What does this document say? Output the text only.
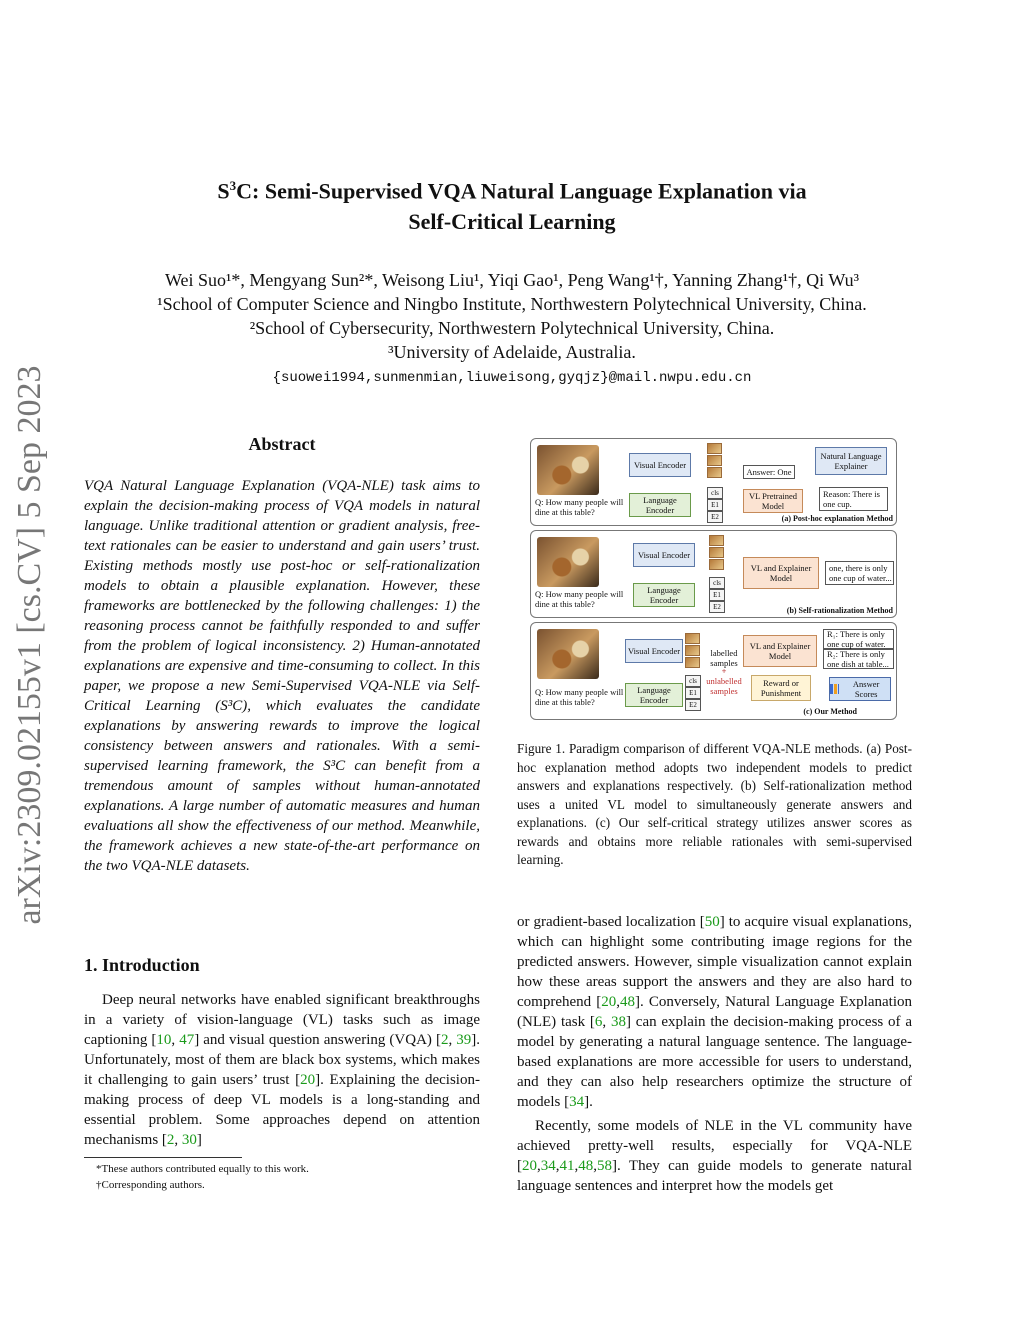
arXiv:2309.02155v1 [cs.CV] 5 Sep 2023
$S^3C$: Semi-Supervised VQA Natural Language Explanation via
Self-Critical Learning
Wei Suo¹*, Mengyang Sun²*, Weisong Liu¹, Yiqi Gao¹, Peng Wang¹†, Yanning Zhang¹†, Qi Wu³
¹School of Computer Science and Ningbo Institute, Northwestern Polytechnical University, China.
²School of Cybersecurity, Northwestern Polytechnical University, China.
³University of Adelaide, Australia.
{suowei1994,sunmenmian,liuweisong,gyqjz}@mail.nwpu.edu.cn
Abstract
VQA Natural Language Explanation (VQA-NLE) task aims to explain the decision-making process of VQA models in natural language. Unlike traditional attention or gradient analysis, free-text rationales can be easier to understand and gain users’ trust. Existing methods mostly use post-hoc or self-rationalization models to obtain a plausible explanation. However, these frameworks are bottlenecked by the following challenges: 1) the reasoning process cannot be faithfully responded to and suffer from the problem of logical inconsistency. 2) Human-annotated explanations are expensive and time-consuming to collect. In this paper, we propose a new Semi-Supervised VQA-NLE via Self-Critical Learning (S³C), which evaluates the candidate explanations by answering rewards to improve the logical consistency between answers and rationales. With a semi-supervised learning framework, the S³C can benefit from a tremendous amount of samples without human-annotated explanations. A large number of automatic measures and human evaluations all show the effectiveness of our method. Meanwhile, the framework achieves a new state-of-the-art performance on the two VQA-NLE datasets.
1. Introduction
Deep neural networks have enabled significant breakthroughs in a variety of vision-language (VL) tasks such as image captioning [10, 47] and visual question answering (VQA) [2, 39]. Unfortunately, most of them are black box systems, which makes it challenging to gain users’ trust [20]. Explaining the decision-making process of deep VL models is a long-standing and essential problem. Some approaches depend on attention mechanisms [2, 30]
*These authors contributed equally to this work.
†Corresponding authors.
Q: How many people will dine at this table?
Visual Encoder
Language Encoder
cls
E1
E2
Answer: One
VL Pretrained Model
Natural Language Explainer
Reason: There is one cup.
(a) Post-hoc explanation Method
Q: How many people will dine at this table?
Visual Encoder
Language Encoder
cls
E1
E2
VL and Explainer Model
one, there is only one cup of water...
(b) Self-rationalization Method
Q: How many people will dine at this table?
Visual Encoder
Language Encoder
cls
E1
E2
labelled samples
+
unlabelled samples
VL and Explainer Model
Reward or Punishment
R₁: There is only one cup of water.
R₂: There is only one dish at table...
Answer Scores
(c) Our Method
Figure 1. Paradigm comparison of different VQA-NLE methods. (a) Post-hoc explanation method adopts two independent models to predict answers and explanations respectively. (b) Self-rationalization method uses a united VL model to simultaneously generate answers and explanations. (c) Our self-critical strategy utilizes answer scores as rewards and obtains more reliable rationales with semi-supervised learning.
or gradient-based localization [50] to acquire visual explanations, which can highlight some contributing image regions for the predicted answers. However, simple visualization cannot explain how these areas support the answers and they are also hard to comprehend [20,48]. Conversely, Natural Language Explanation (NLE) task [6, 38] can explain the decision-making process of a model by generating a natural language sentence. The language-based explanations are more accessible for users to understand, and they can also help researchers optimize the structure of models [34].
Recently, some models of NLE in the VL community have achieved pretty-well results, especially for VQA-NLE [20,34,41,48,58]. They can guide models to generate natural language sentences and interpret how the models get
